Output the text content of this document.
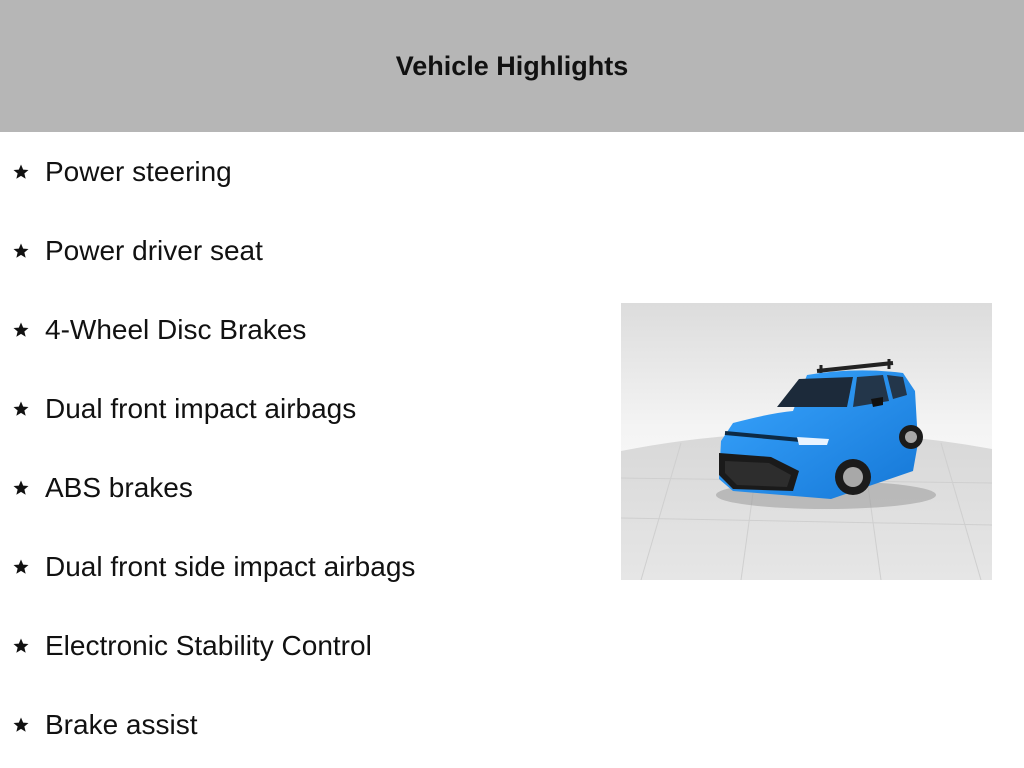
Vehicle Highlights
Power steering
Power driver seat
4-Wheel Disc Brakes
Dual front impact airbags
ABS brakes
Dual front side impact airbags
Electronic Stability Control
Brake assist
